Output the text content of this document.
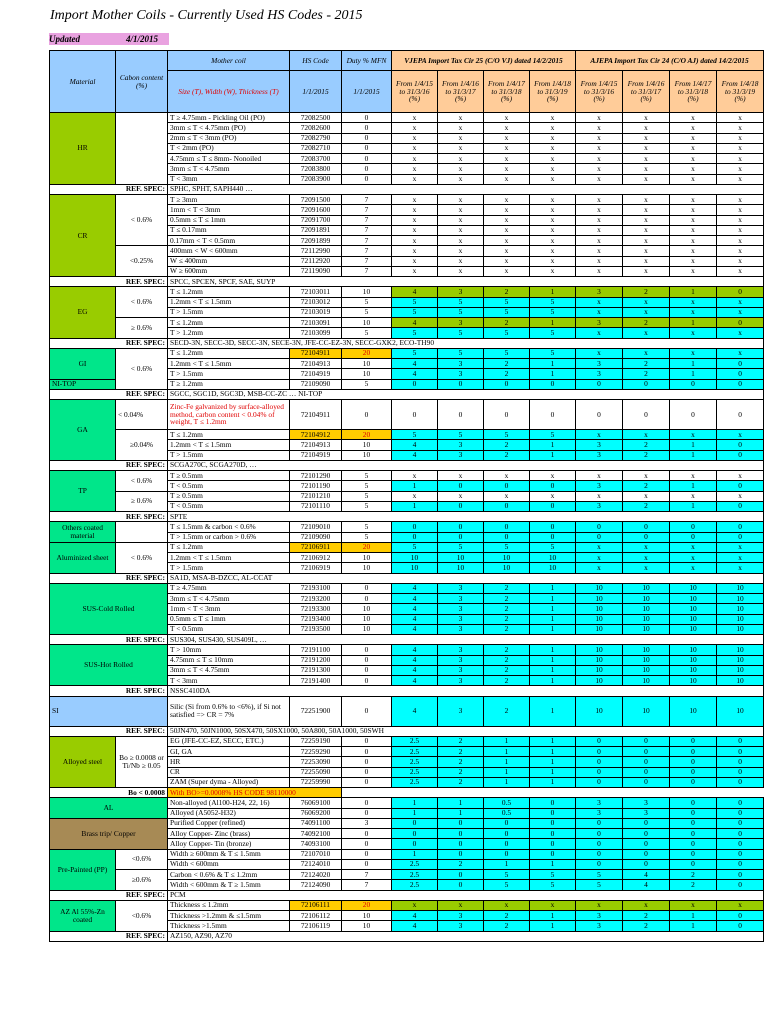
Import Mother Coils - Currently Used HS Codes - 2015
Updated	4/1/2015
Material	Cabon content (%)	Mother coil	HS Code	Duty % MFN	VJEPA Import Tax Cir 25 (C/O VJ) dated 14/2/2015				AJEPA Import Tax Cir 24 (C/O AJ) dated 14/2/2015			
		Size (T), Width (W), Thickness (T)	1/1/2015	1/1/2015	From 1/4/15 to 31/3/16 (%)	From 1/4/16 to 31/3/17 (%)	From 1/4/17 to 31/3/18 (%)	From 1/4/18 to 31/3/19 (%)	From 1/4/15 to 31/3/16 (%)	From 1/4/16 to 31/3/17 (%)	From 1/4/17 to 31/3/18 (%)	From 1/4/18 to 31/3/19 (%)
HR		T ≥ 4.75mm - Pickling Oil (PO)	72082500	0	x	x	x	x	x	x	x	x
		3mm ≤ T < 4.75mm (PO)	72082600	0	x	x	x	x	x	x	x	x
		2mm ≤ T < 3mm (PO)	72082790	0	x	x	x	x	x	x	x	x
		T < 2mm (PO)	72082710	0	x	x	x	x	x	x	x	x
		4.75mm ≤ T ≤ 8mm- Nonoiled	72083700	0	x	x	x	x	x	x	x	x
		3mm ≤ T < 4.75mm	72083800	0	x	x	x	x	x	x	x	x
		T < 3mm	72083900	0	x	x	x	x	x	x	x	x
REF. SPEC:		SPHC, SPHT, SAPH440 …										
CR	< 0.6%	T ≥ 3mm	72091500	7	x	x	x	x	x	x	x	x
		1mm < T < 3mm	72091600	7	x	x	x	x	x	x	x	x
		0.5mm ≤ T ≤ 1mm	72091700	7	x	x	x	x	x	x	x	x
		T ≤ 0.17mm	72091891	7	x	x	x	x	x	x	x	x
		0.17mm < T < 0.5mm	72091899	7	x	x	x	x	x	x	x	x
	<0.25%	400mm < W < 600mm	72112990	7	x	x	x	x	x	x	x	x
		W ≤ 400mm	72112920	7	x	x	x	x	x	x	x	x
		W ≥ 600mm	72119090	7	x	x	x	x	x	x	x	x
REF. SPEC:		SPCC, SPCEN, SPCF, SAE, SUYP										
EG	< 0.6%	T ≤ 1.2mm	72103011	10	4	3	2	1	3	2	1	0
		1.2mm < T ≤ 1.5mm	72103012	5	5	5	5	5	x	x	x	x
		T > 1.5mm	72103019	5	5	5	5	5	x	x	x	x
	≥ 0.6%	T ≤ 1.2mm	72103091	10	4	3	2	1	3	2	1	0
		T > 1.2mm	72103099	5	5	5	5	5	x	x	x	x
REF. SPEC:		SECD-3N, SECC-3D, SECC-3N, SECE-3N, JFE-CC-EZ-3N, SECC-GXK2, ECO-TH90										
GI	< 0.6%	T ≤ 1.2mm	72104911	20	5	5	5	5	x	x	x	x
		1.2mm < T ≤ 1.5mm	72104913	10	4	3	2	1	3	2	1	0
		T > 1.5mm	72104919	10	4	3	2	1	3	2	1	0
NI-TOP		T ≥ 1.2mm	72109090	5	0	0	0	0	0	0	0	0
REF. SPEC:		SGCC, SGC1D, SGC3D, MSB-CC-ZC … NI-TOP										
GA	< 0.04%	Zinc-Fe galvanized by surface-alloyed method, carbon content < 0.04% of weight, T ≤ 1.2mm	72104911	0	0	0	0	0	0	0	0	0
	≥0.04%	T ≤ 1.2mm	72104912	20	5	5	5	5	x	x	x	x
		1.2mm < T ≤ 1.5mm	72104913	10	4	3	2	1	3	2	1	0
		T > 1.5mm	72104919	10	4	3	2	1	3	2	1	0
REF. SPEC:		SCGA270C, SCGA270D, …										
TP	< 0.6%	T ≥ 0.5mm	72101290	5	x	x	x	x	x	x	x	x
		T < 0.5mm	72101190	5	1	0	0	0	3	2	1	0
	≥ 0.6%	T ≥ 0.5mm	72101210	5	x	x	x	x	x	x	x	x
		T < 0.5mm	72101110	5	1	0	0	0	3	2	1	0
REF. SPEC:		SPTE										
Others coated material		T ≤ 1.5mm & carbon < 0.6%	72109010	5	0	0	0	0	0	0	0	0
		T > 1.5mm or carbon > 0.6%	72109090	5	0	0	0	0	0	0	0	0
Aluminized sheet	< 0.6%	T ≤ 1.2mm	72106911	20	5	5	5	5	x	x	x	x
		1.2mm < T ≤ 1.5mm	72106912	10	10	10	10	10	x	x	x	x
		T > 1.5mm	72106919	10	10	10	10	10	x	x	x	x
REF. SPEC:		SA1D, MSA-B-DZCC, AL-CCAT										
SUS-Cold Rolled		T ≥ 4.75mm	72193100	0	4	3	2	1	10	10	10	10
		3mm ≤ T < 4.75mm	72193200	0	4	3	2	1	10	10	10	10
		1mm < T < 3mm	72193300	10	4	3	2	1	10	10	10	10
		0.5mm ≤ T ≤ 1mm	72193400	10	4	3	2	1	10	10	10	10
		T < 0.5mm	72193500	10	4	3	2	1	10	10	10	10
REF. SPEC:		SUS304, SUS430, SUS409L, …										
SUS-Hot Rolled		T > 10mm	72191100	0	4	3	2	1	10	10	10	10
		4.75mm ≤ T ≤ 10mm	72191200	0	4	3	2	1	10	10	10	10
		3mm ≤ T < 4.75mm	72191300	0	4	3	2	1	10	10	10	10
		T < 3mm	72191400	0	4	3	2	1	10	10	10	10
REF. SPEC:		NSSC410DA										
SI		Silic (Si from 0.6% to <6%), if Si not satisfied => CR = 7%	72251900	0	4	3	2	1	10	10	10	10
REF. SPEC:		50JN470, 50JN1000, 50SX470, 50SX1000, 50A800, 50A1000, 50SWH										
Alloyed steel	Bo ≥ 0.0008 or Ti/Nb ≥ 0.05	EG (JFE-CC-EZ, SECC, ETC.)	72259190	0	2.5	2	1	1	0	0	0	0
		GI, GA	72259290	0	2.5	2	1	1	0	0	0	0
		HR	72253090	0	2.5	2	1	1	0	0	0	0
		CR	72255090	0	2.5	2	1	1	0	0	0	0
		ZAM (Super dyma - Alloyed)	72259990	0	2.5	2	1	1	0	0	0	0
Bo < 0.0008		With BO>=0.0008% HS CODE 98110000										
AL		Non-alloyed (Al100-H24, 22, 16)	76069100	0	1	1	0.5	0	3	3	0	0
		Alloyed (A5052-H32)	76069200	0	1	1	0.5	0	3	3	0	0
Brass trip/ Copper		Purified Copper (refined)	74091100	3	0	0	0	0	0	0	0	0
		Alloy Copper- Zinc (brass)	74092100	0	0	0	0	0	0	0	0	0
		Alloy Copper- Tin (bronze)	74093100	0	0	0	0	0	0	0	0	0
Pre-Painted (PP)	<0.6%	Width ≥ 600mm & T ≤ 1.5mm	72107010	0	1	0	0	0	0	0	0	0
		Width < 600mm	72124010	0	2.5	2	1	1	0	0	0	0
	≥0.6%	Carbon < 0.6% & T ≤ 1.2mm	72124020	7	2.5	0	5	5	5	4	2	0
		Width < 600mm & T ≥ 1.5mm	72124090	7	2.5	0	5	5	5	4	2	0
REF. SPEC:		PCM										
AZ Al 55%-Zn coated	<0.6%	Thickness ≤ 1.2mm	72106111	20	x	x	x	x	x	x	x	x
		Thickness >1.2mm & ≤1.5mm	72106112	10	4	3	2	1	3	2	1	0
		Thickness >1.5mm	72106119	10	4	3	2	1	3	2	1	0
REF. SPEC:		AZ150, AZ90, AZ70										
